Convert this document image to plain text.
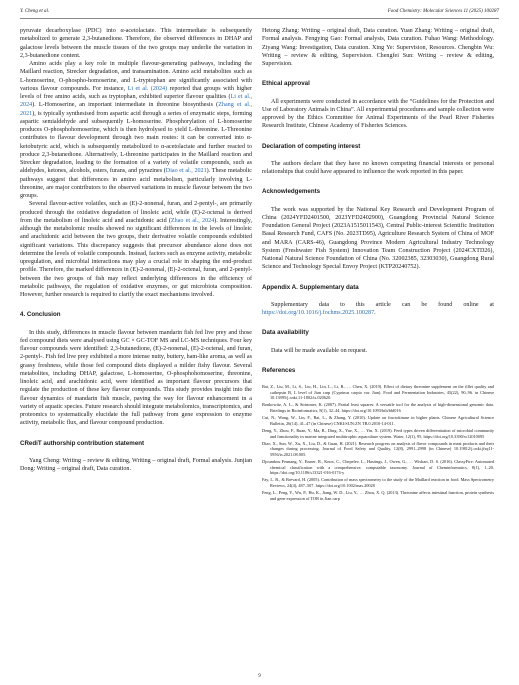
Y. Cheng et al.	Food Chemistry: Molecular Sciences 11 (2025) 100287

pyruvate decarboxylase (PDC) into α-acetolactate. This intermediate is subsequently metabolized to generate 2,3-butanedione. Therefore, the observed differences in DHAP and galactose levels between the muscle tissues of the two groups may underlie the variation in 2,3-butanedione content.

Amino acids play a key role in multiple flavour-generating pathways, including the Maillard reaction, Strecker degradation, and transamination. Amino acid metabolites such as L-homoserine, O-phospho-homoserine, and L-tryptophan are significantly associated with various flavour compounds. For instance, Li et al. (2024) reported that groups with higher levels of free amino acids, such as tryptophan, exhibited superior flavour qualities (Li et al., 2024). L-Homoserine, an important intermediate in threonine biosynthesis (Zhang et al., 2021), is typically synthesised from aspartic acid through a series of enzymatic steps, forming aspartic semialdehyde and subsequently L-homoserine. Phosphorylation of L-homoserine produces O-phosphohomoserine, which is then hydrolysed to yield L-threonine. L-Threonine contributes to flavour development through two main routes: it can be converted into α-ketobutyric acid, which is subsequently metabolized to α-acetolactate and further reacted to produce 2,3-butanedione. Alternatively, L-threonine participates in the Maillard reaction and Strecker degradation, leading to the formation of a variety of volatile compounds, such as aldehydes, ketones, alcohols, esters, furans, and pyrazines (Diao et al., 2021). These metabolic pathways suggest that differences in amino acid metabolism, particularly involving L-threonine, are major contributors to the observed variations in muscle flavour between the two groups.

Several flavour-active volatiles, such as (E)-2-nonenal, furan, and 2-pentyl-, are primarily produced through the oxidative degradation of linoleic acid, while (E)-2-octenal is derived from the metabolism of linoleic acid and arachidonic acid (Zhao et al., 2024). Interestingly, although the metabolomic results showed no significant differences in the levels of linoleic and arachidonic acid between the two groups, their derivative volatile compounds exhibited significant variations. This discrepancy suggests that precursor abundance alone does not determine the levels of volatile compounds. Instead, factors such as enzyme activity, metabolic upregulation, and microbial interactions may play a crucial role in shaping the end-product profile. Therefore, the marked differences in (E)-2-nonenal, (E)-2-octenal, furan, and 2-pentyl- between the two groups of fish may reflect underlying differences in the efficiency of metabolic pathways, the regulation of oxidative enzymes, or gut microbiota composition. However, further research is required to clarify the exact mechanisms involved.

4. Conclusion

In this study, differences in muscle flavour between mandarin fish fed live prey and those fed compound diets were analysed using GC × GC-TOF MS and LC-MS techniques. Four key flavour compounds were identified: 2,3-butanedione, (E)-2-nonenal, (E)-2-octenal, and furan, 2-pentyl-. Fish fed live prey exhibited a more intense nutty, buttery, ham-like aroma, as well as grassy freshness, while those fed compound diets displayed a milder fishy flavour. Several metabolites, including DHAP, galactose, L-homoserine, O-phosphohomoserine, threonine, linoleic acid, and arachidonic acid, were identified as important flavour precursors that regulate the production of these key flavour compounds. This study provides insight into the flavour dynamics of mandarin fish muscle, paving the way for flavour enhancement in a variety of aquatic species. Future research should integrate metabolomics, transcriptomics, and proteomics to systematically elucidate the full pathway from gene expression to enzyme activity, metabolic flux, and flavour compound production.

CRediT authorship contribution statement

Yang Cheng: Writing – review & editing, Writing – original draft, Formal analysis. Junjian Dong: Writing – original draft, Data curation.

Hetong Zhang: Writing – original draft, Data curation. Yuan Zhang: Writing – original draft, Formal analysis. Fengying Gao: Formal analysis, Data curation. Fuhao Wang: Methodology. Ziyang Wang: Investigation, Data curation. Xing Ye: Supervision, Resources. Chengbin Wu: Writing – review & editing, Supervision. Chengfei Sun: Writing – review & editing, Supervision.

Ethical approval

All experiments were conducted in accordance with the “Guidelines for the Protection and Use of Laboratory Animals in China”. All experimental procedures and sample collection were approved by the Ethics Committee for Animal Experiments of the Pearl River Fisheries Research Institute, Chinese Academy of Fisheries Sciences.

Declaration of competing interest

The authors declare that they have no known competing financial interests or personal relationships that could have appeared to influence the work reported in this paper.

Acknowledgements

The work was supported by the National Key Research and Development Program of China (2024YFD2401500, 2023YFD2402900), Guangdong Provincial Natural Science Foundation General Project (2023A1515011543), Central Public-interest Scientific Institution Basal Research Fund, CAFS (No. 2023TD95), Agriculture Research System of China of MOF and MARA (CARS-46), Guangdong Province Modern Agricultural Industry Technology System (Freshwater Fish System) Innovation Team Construction Project (2024CXTD26), National Natural Science Foundation of China (No. 32002385, 32303030), Guangdong Rural Science and Technology Special Envoy Project (KTP20240752).

Appendix A. Supplementary data

Supplementary data to this article can be found online at https://doi.org/10.1016/j.fochms.2025.100287.

Data availability

Data will be made available on request.

References

Bai, Z., Liu, M., Li, S., Liu, H., Lin, L., Li, R., … Chen, X. (2019). Effect of dietary threonine supplement on the fillet quality and cathepsin B, L level of Jian carp (Cyprinus carpio var. Jian). Food and Fermentation Industries, 45(22), 90–96. in Chinese 10.13995/j.cnki.11-1802/ts.020620.

Bonkowitz, A. L., & Strimmer, K. (2007). Partial least squares: A versatile tool for the analysis of high-dimensional genomic data. Briefings in Bioinformatics, 8(1), 32–44. https://doi.org/10.1093/bib/bbl016

Cui, N., Wang, W., Lin, F., Bai, L., & Zhang, Y. (2010). Update on fructokinase in higher plants. Chinese Agricultural Science Bulletin, 26(14), 41–47 (in Chinese) CNKI:SUN:ZN TB.0.2010-14-011.

Deng, Y., Zhou, F., Ruan, Y., Ma, B., Ding, X., Yue, X., … Yin, X. (2019). Feed types driven differentiation of microbial community and functionality in marine integrated multitrophic aquaculture system. Water, 12(1), 95. https://doi.org/10.3390/w12010095

Diao, X., Sun, W., Xu, X., Liu, D., & Guan, H. (2021). Research progress on analysis of flavor compounds in meat products and their changes during processing. Journal of Food Safety and Quality, 12(8), 2991–2998 (in Chinese) 10.19812/j.cnki.jfsq11-5956/ts.2021.08.005.

Djoumbou Feunang, Y., Eisner, R., Knox, C., Chepelev, L., Hastings, J., Owen, G., … Wishart, D. S. (2016). ClassyFire: Automated chemical classification with a comprehensive, computable taxonomy. Journal of Cheminformatics, 8(1), 1–20. https://doi.org/10.1186/s13321-016-0174-y

Fay, L. B., & Brevard, H. (2005). Contribution of mass spectrometry to the study of the Maillard reaction in food. Mass Spectrometry Reviews, 24(4), 487–507. https://doi.org/10.1002/mas.20028

Feng, L., Peng, Y., Wu, P., Hu, K., Jiang, W. D., Liu, Y., … Zhou, X. Q. (2013). Threonine affects intestinal function, protein synthesis and gene expression of TOR in Jian carp

9
